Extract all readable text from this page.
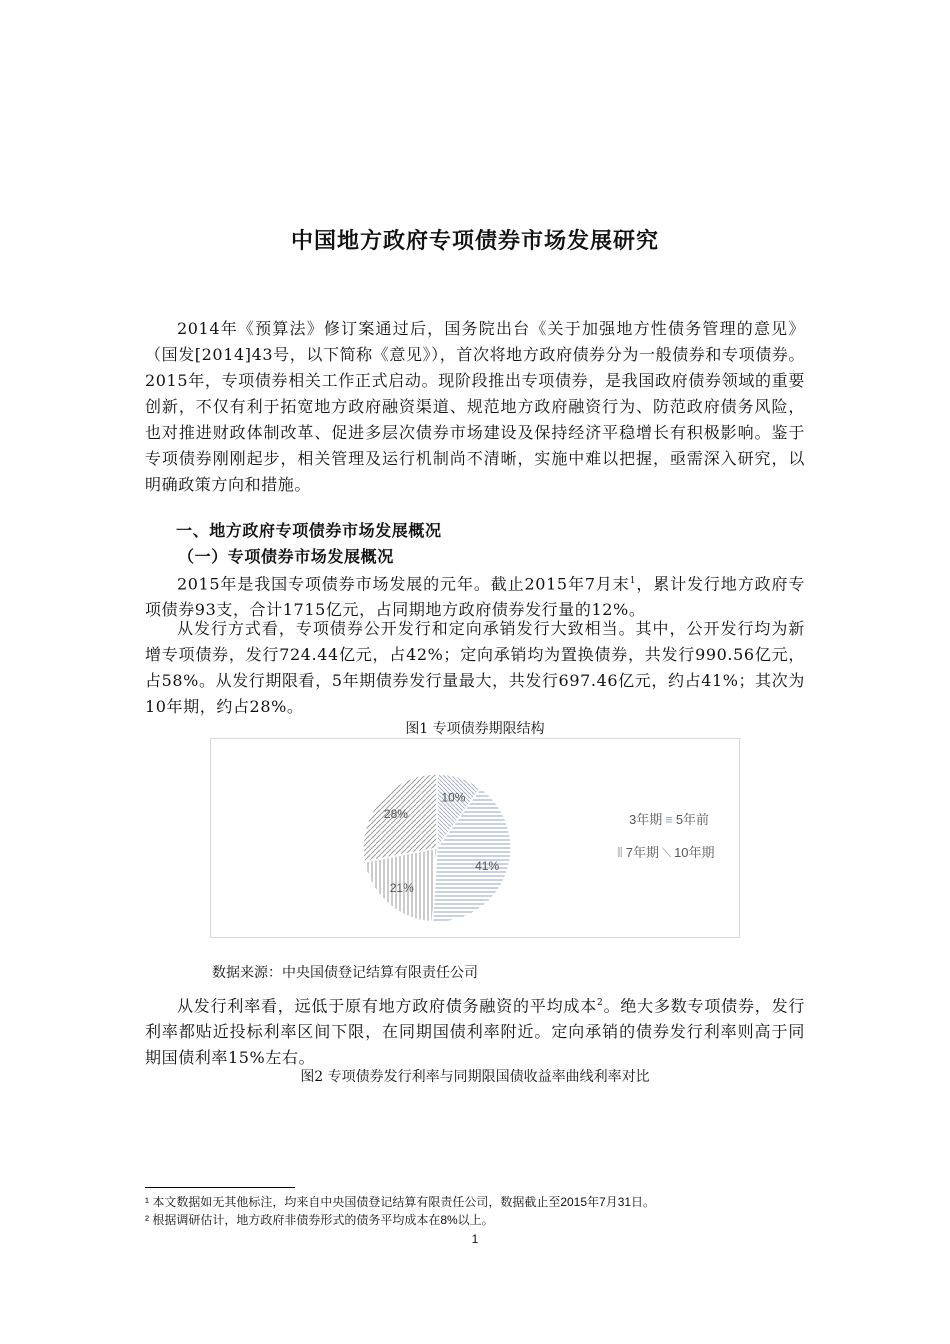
中国地方政府专项债券市场发展研究

2014年《预算法》修订案通过后，国务院出台《关于加强地方性债务管理的意见》（国发[2014]43号，以下简称《意见》），首次将地方政府债券分为一般债券和专项债券。2015年，专项债券相关工作正式启动。现阶段推出专项债券，是我国政府债券领域的重要创新，不仅有利于拓宽地方政府融资渠道、规范地方政府融资行为、防范政府债务风险，也对推进财政体制改革、促进多层次债券市场建设及保持经济平稳增长有积极影响。鉴于专项债券刚刚起步，相关管理及运行机制尚不清晰，实施中难以把握，亟需深入研究，以明确政策方向和措施。

一、地方政府专项债券市场发展概况
（一）专项债券市场发展概况

2015年是我国专项债券市场发展的元年。截止2015年7月末$^1$，累计发行地方政府专项债券93支，合计1715亿元，占同期地方政府债券发行量的12%。

从发行方式看，专项债券公开发行和定向承销发行大致相当。其中，公开发行均为新增专项债券，发行724.44亿元，占42%；定向承销均为置换债券，共发行990.56亿元，占58%。从发行期限看，5年期债券发行量最大，共发行697.46亿元，约占41%；其次为10年期，约占28%。

图1 专项债券期限结构
10%
41%
21%
28%	3年期 ≡ 5年前
⦀ 7年期 ⟍ 10年期
数据来源：中央国债登记结算有限责任公司

从发行利率看，远低于原有地方政府债务融资的平均成本$^2$。绝大多数专项债券，发行利率都贴近投标利率区间下限，在同期国债利率附近。定向承销的债券发行利率则高于同期国债利率15%左右。

图2 专项债券发行利率与同期限国债收益率曲线利率对比
¹ 本文数据如无其他标注，均来自中央国债登记结算有限责任公司，数据截止至2015年7月31日。
² 根据调研估计，地方政府非债券形式的债务平均成本在8%以上。
1
